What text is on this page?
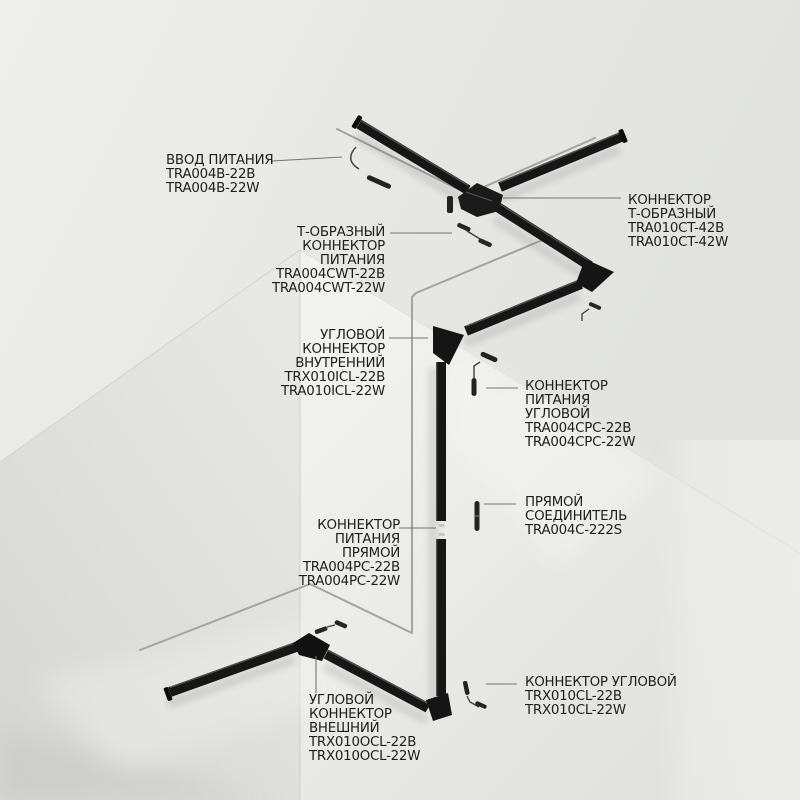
ВВОД ПИТАНИЯ
TRA004B-22B
TRA004B-22W
Т-ОБРАЗНЫЙ
КОННЕКТОР
ПИТАНИЯ
TRA004CWT-22B
TRA004CWT-22W
КОННЕКТОР
Т-ОБРАЗНЫЙ
TRA010CT-42B
TRA010CT-42W
УГЛОВОЙ
КОННЕКТОР
ВНУТРЕННИЙ
TRX010ICL-22B
TRA010ICL-22W	КОННЕКТОР
ПИТАНИЯ
УГЛОВОЙ
TRA004CPC-22B
TRA004CPC-22W
ПРЯМОЙ
СОЕДИНИТЕЛЬ
TRA004C-222S
КОННЕКТОР
ПИТАНИЯ
ПРЯМОЙ
TRA004PC-22B
TRA004PC-22W
КОННЕКТОР УГЛОВОЙ
TRX010CL-22B
TRX010CL-22W
УГЛОВОЙ
КОННЕКТОР
ВНЕШНИЙ
TRX010OCL-22B
TRX010OCL-22W
